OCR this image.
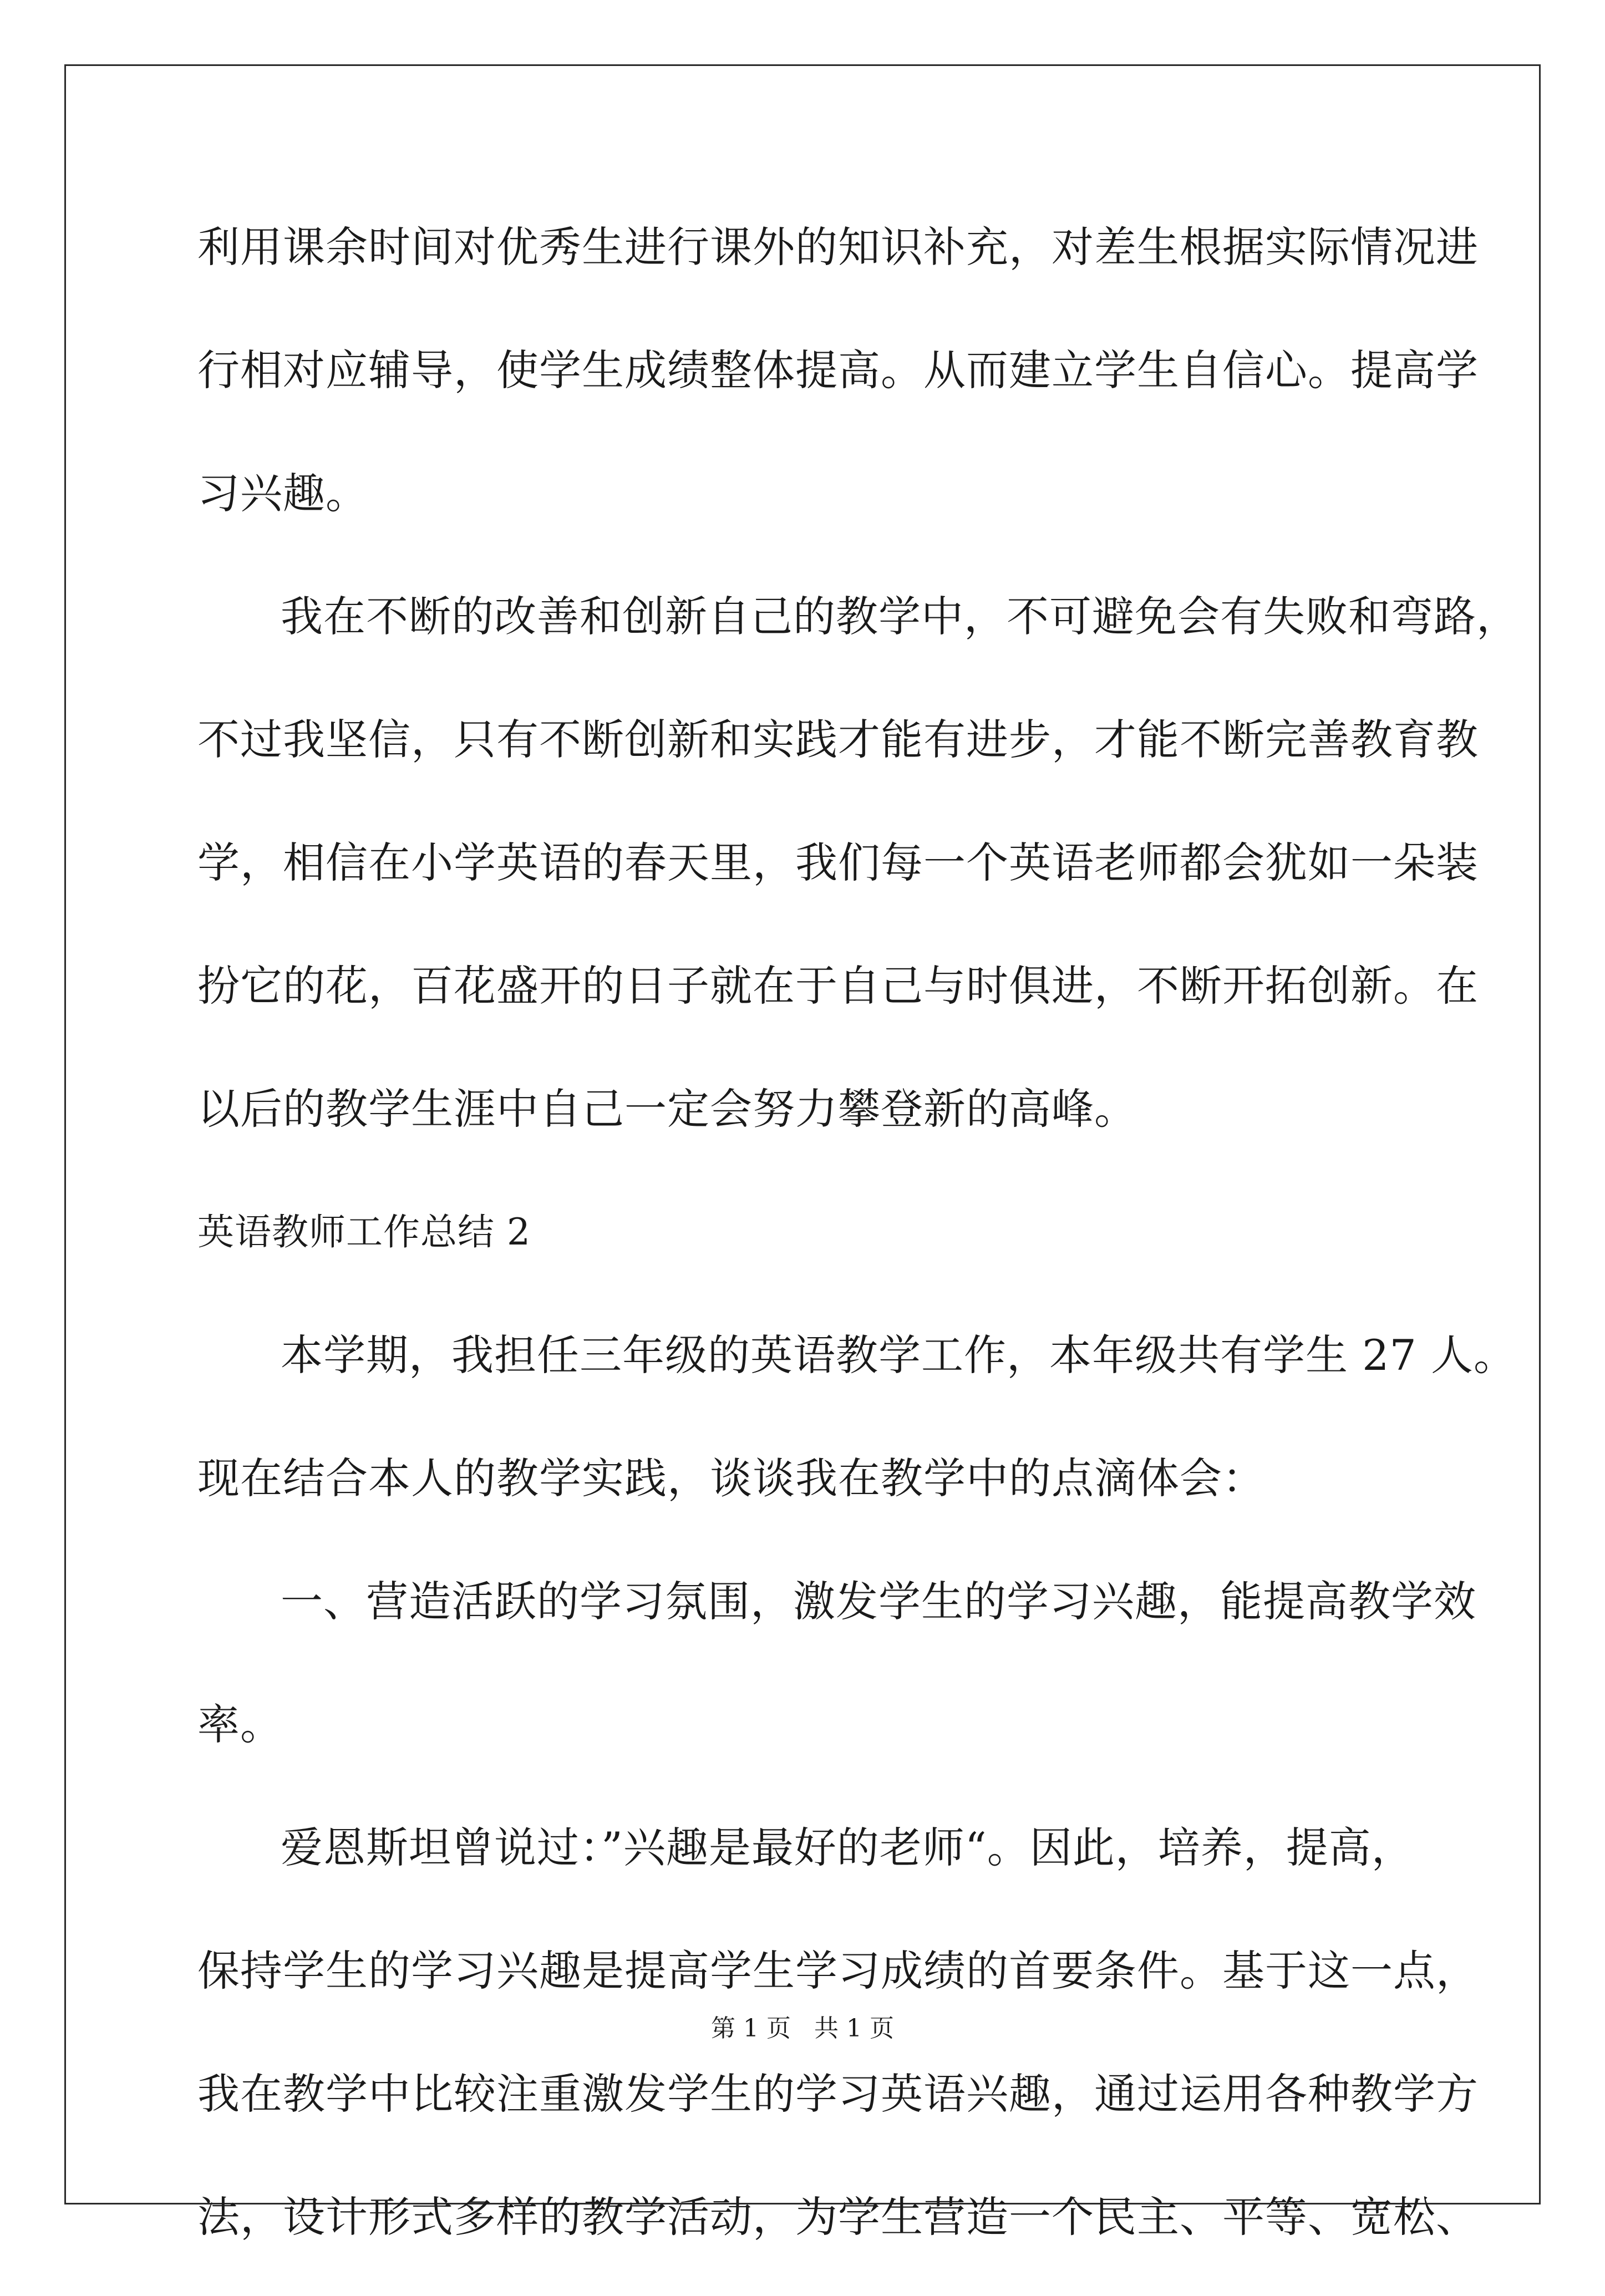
利用课余时间对优秀生进行课外的知识补充，对差生根据实际情况进
行相对应辅导，使学生成绩整体提高。从而建立学生自信心。提高学
习兴趣。
我在不断的改善和创新自己的教学中，不可避免会有失败和弯路，
不过我坚信，只有不断创新和实践才能有进步，才能不断完善教育教
学，相信在小学英语的春天里，我们每一个英语老师都会犹如一朵装
扮它的花，百花盛开的日子就在于自己与时俱进，不断开拓创新。在
以后的教学生涯中自己一定会努力攀登新的高峰。
英语教师工作总结 2
本学期，我担任三年级的英语教学工作，本年级共有学生 27 人。
现在结合本人的教学实践，谈谈我在教学中的点滴体会：
一、营造活跃的学习氛围，激发学生的学习兴趣，能提高教学效
率。
爱恩斯坦曾说过：”兴趣是最好的老师“。因此，培养，提高，
保持学生的学习兴趣是提高学生学习成绩的首要条件。基于这一点，
我在教学中比较注重激发学生的学习英语兴趣，通过运用各种教学方
法，设计形式多样的教学活动，为学生营造一个民主、平等、宽松、
第 1 页   共 1 页
